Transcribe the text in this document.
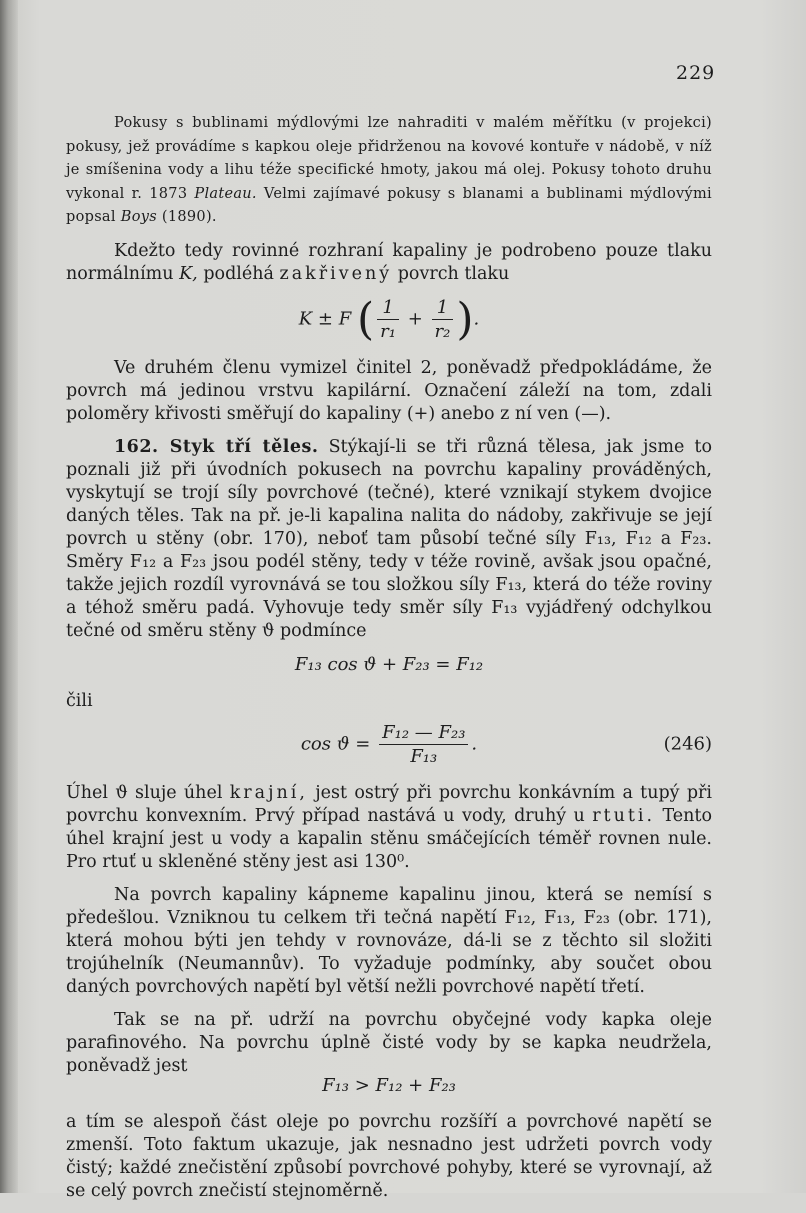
229

Pokusy s bublinami mýdlovými lze nahraditi v malém měřítku (v projekci) pokusy, jež provádíme s kapkou oleje přidrženou na kovové kontuře v nádobě, v níž je smíšenina vody a lihu téže specifické hmoty, jakou má olej. Pokusy tohoto druhu vykonal r. 1873 Plateau. Velmi zajímavé pokusy s blanami a bublinami mýdlovými popsal Boys (1890).

Kdežto tedy rovinné rozhraní kapaliny je podrobeno pouze tlaku normálnímu K, podléhá zakřivený povrch tlaku

K ± F ( $\frac{1}{\text{r₁}} + \frac{1}{\text{r₂}}$ ).

Ve druhém členu vymizel činitel 2, poněvadž předpokládáme, že povrch má jedinou vrstvu kapilární. Označení záleží na tom, zdali poloměry křivosti směřují do kapaliny (+) anebo z ní ven (—).

162. Styk tří těles. Stýkají-li se tři různá tělesa, jak jsme to poznali již při úvodních pokusech na povrchu kapaliny prováděných, vyskytují se trojí síly povrchové (tečné), které vznikají stykem dvojice daných těles. Tak na př. je-li kapalina nalita do nádoby, zakřivuje se její povrch u stěny (obr. 170), neboť tam působí tečné síly F₁₃, F₁₂ a F₂₃. Směry F₁₂ a F₂₃ jsou podél stěny, tedy v téže rovině, avšak jsou opačné, takže jejich rozdíl vyrovnává se tou složkou síly F₁₃, která do téže roviny a téhož směru padá. Vyhovuje tedy směr síly F₁₃ vyjádřený odchylkou tečné od směru stěny ϑ podmínce

F₁₃ cos ϑ + F₂₃ = F₁₂

čili

$\cos ϑ = \frac{\text{F₁₂ — F₂₃}}{\text{F₁₃}}$ .	(246)

Úhel ϑ sluje úhel krajní, jest ostrý při povrchu konkávním a tupý při povrchu konvexním. Prvý případ nastává u vody, druhý u rtuti. Tento úhel krajní jest u vody a kapalin stěnu smáčejících téměř rovnen nule. Pro rtuť u skleněné stěny jest asi 130⁰.

Na povrch kapaliny kápneme kapalinu jinou, která se nemísí s předešlou. Vzniknou tu celkem tři tečná napětí F₁₂, F₁₃, F₂₃ (obr. 171), která mohou býti jen tehdy v rovnováze, dá-li se z těchto sil složiti trojúhelník (Neumannův). To vyžaduje podmínky, aby součet obou daných povrchových napětí byl větší nežli povrchové napětí třetí.

Tak se na př. udrží na povrchu obyčejné vody kapka oleje parafinového. Na povrchu úplně čisté vody by se kapka neudržela, poněvadž jest

F₁₃ > F₁₂ + F₂₃

a tím se alespoň část oleje po povrchu rozšíří a povrchové napětí se zmenší. Toto faktum ukazuje, jak nesnadno jest udržeti povrch vody čistý; každé znečistění způsobí povrchové pohyby, které se vyrovnají, až se celý povrch znečistí stejnoměrně.
